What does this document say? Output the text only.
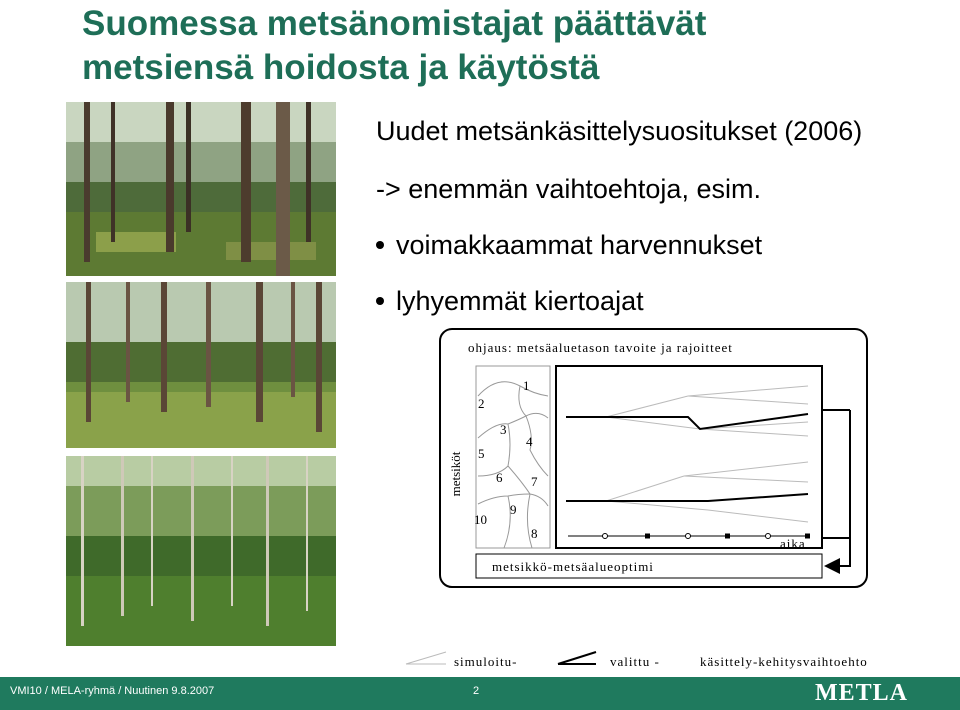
Suomessa metsänomistajat päättävät
metsiensä hoidosta ja käytöstä
Uudet metsänkäsittelysuositukset (2006)
-> enemmän vaihtoehtoja, esim.
voimakkaammat harvennukset
lyhyemmät kiertoajat
ohjaus: metsäaluetason tavoite ja rajoitteet
metsiköt
1
2
3
4
5
6 7
8
9
10
aika
metsikkö-metsäalueoptimi
simuloitu-	valittu -	käsittely-kehitysvaihtoehto
VMI10 / MELA-ryhmä / Nuutinen 9.8.2007	2	METLA
